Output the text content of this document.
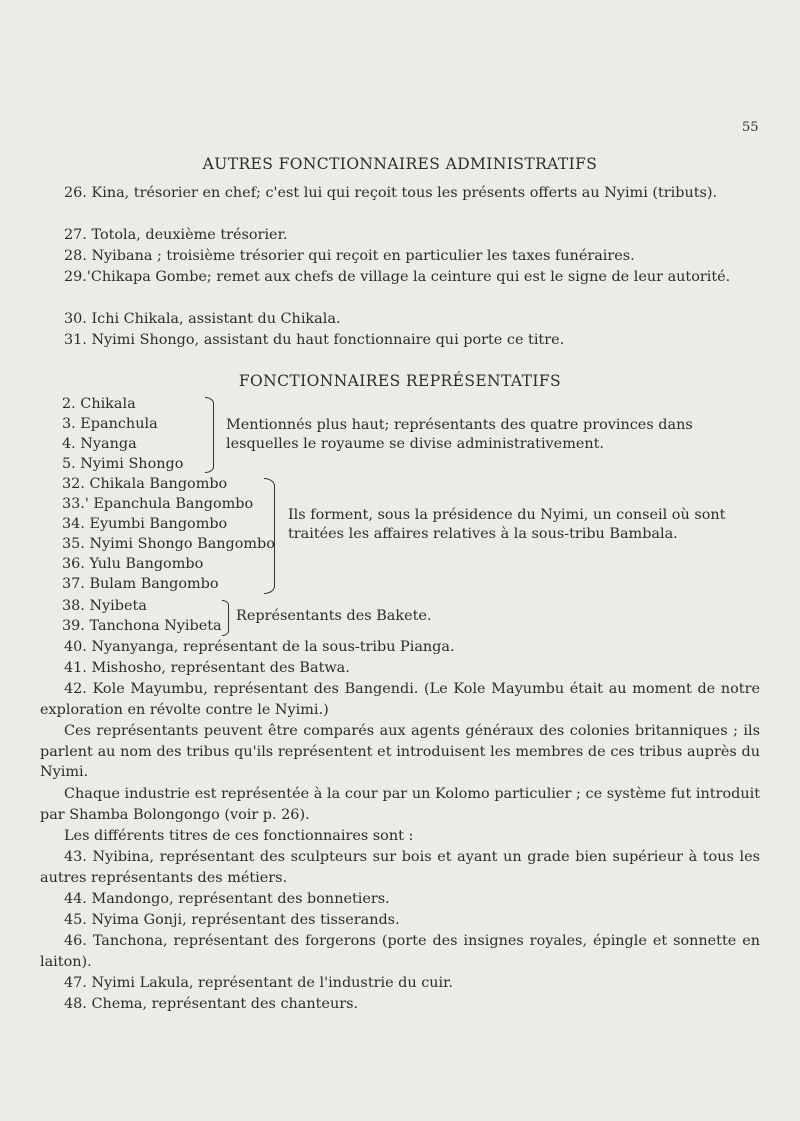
55
AUTRES FONCTIONNAIRES ADMINISTRATIFS
26. Kina, trésorier en chef; c'est lui qui reçoit tous les présents offerts au Nyimi (tributs).
27. Totola, deuxième trésorier.
28. Nyibana ; troisième trésorier qui reçoit en particulier les taxes funéraires.
29.'Chikapa Gombe; remet aux chefs de village la ceinture qui est le signe de leur autorité.
30. Ichi Chikala, assistant du Chikala.
31. Nyimi Shongo, assistant du haut fonctionnaire qui porte ce titre.
FONCTIONNAIRES REPRÉSENTATIFS
2. Chikala
3. Epanchula
4. Nyanga
5. Nyimi Shongo
Mentionnés plus haut; représentants des quatre provinces dans lesquelles le royaume se divise administrativement.
32. Chikala Bangombo
33.' Epanchula Bangombo
34. Eyumbi Bangombo
35. Nyimi Shongo Bangombo
36. Yulu Bangombo
37. Bulam Bangombo
Ils forment, sous la présidence du Nyimi, un conseil où sont traitées les affaires relatives à la sous-tribu Bambala.
38. Nyibeta
39. Tanchona Nyibeta
Représentants des Bakete.
40. Nyanyanga, représentant de la sous-tribu Pianga.
41. Mishosho, représentant des Batwa.
42. Kole Mayumbu, représentant des Bangendi. (Le Kole Mayumbu était au moment de notre exploration en révolte contre le Nyimi.)
Ces représentants peuvent être comparés aux agents généraux des colonies britanniques ; ils parlent au nom des tribus qu'ils représentent et introduisent les membres de ces tribus auprès du Nyimi.
Chaque industrie est représentée à la cour par un Kolomo particulier ; ce système fut introduit par Shamba Bolongongo (voir p. 26).
Les différents titres de ces fonctionnaires sont :
43. Nyibina, représentant des sculpteurs sur bois et ayant un grade bien supérieur à tous les autres représentants des métiers.
44. Mandongo, représentant des bonnetiers.
45. Nyima Gonji, représentant des tisserands.
46. Tanchona, représentant des forgerons (porte des insignes royales, épingle et sonnette en laiton).
47. Nyimi Lakula, représentant de l'industrie du cuir.
48. Chema, représentant des chanteurs.
